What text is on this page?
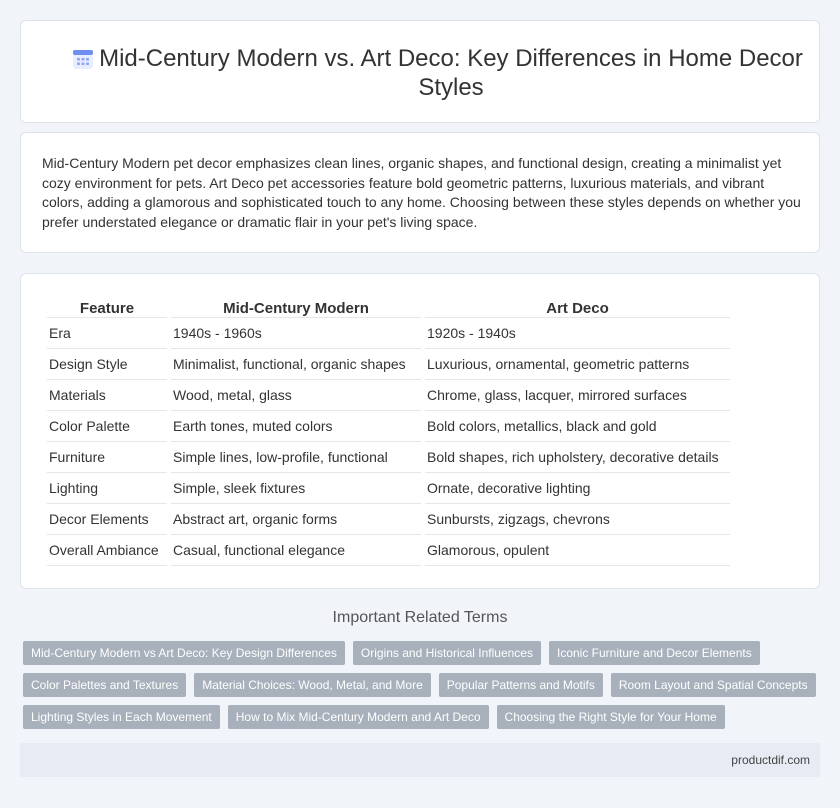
Mid-Century Modern vs. Art Deco: Key Differences in Home Decor Styles

Mid-Century Modern pet decor emphasizes clean lines, organic shapes, and functional design, creating a minimalist yet cozy environment for pets. Art Deco pet accessories feature bold geometric patterns, luxurious materials, and vibrant colors, adding a glamorous and sophisticated touch to any home. Choosing between these styles depends on whether you prefer understated elegance or dramatic flair in your pet's living space.

Feature	Mid-Century Modern	Art Deco
Era	1940s - 1960s	1920s - 1940s
Design Style	Minimalist, functional, organic shapes	Luxurious, ornamental, geometric patterns
Materials	Wood, metal, glass	Chrome, glass, lacquer, mirrored surfaces
Color Palette	Earth tones, muted colors	Bold colors, metallics, black and gold
Furniture	Simple lines, low-profile, functional	Bold shapes, rich upholstery, decorative details
Lighting	Simple, sleek fixtures	Ornate, decorative lighting
Decor Elements	Abstract art, organic forms	Sunbursts, zigzags, chevrons
Overall Ambiance	Casual, functional elegance	Glamorous, opulent
Important Related Terms
Mid-Century Modern vs Art Deco: Key Design Differences	Origins and Historical Influences	Iconic Furniture and Decor Elements
Color Palettes and Textures	Material Choices: Wood, Metal, and More	Popular Patterns and Motifs	Room Layout and Spatial Concepts
Lighting Styles in Each Movement	How to Mix Mid-Century Modern and Art Deco	Choosing the Right Style for Your Home
productdif.com
